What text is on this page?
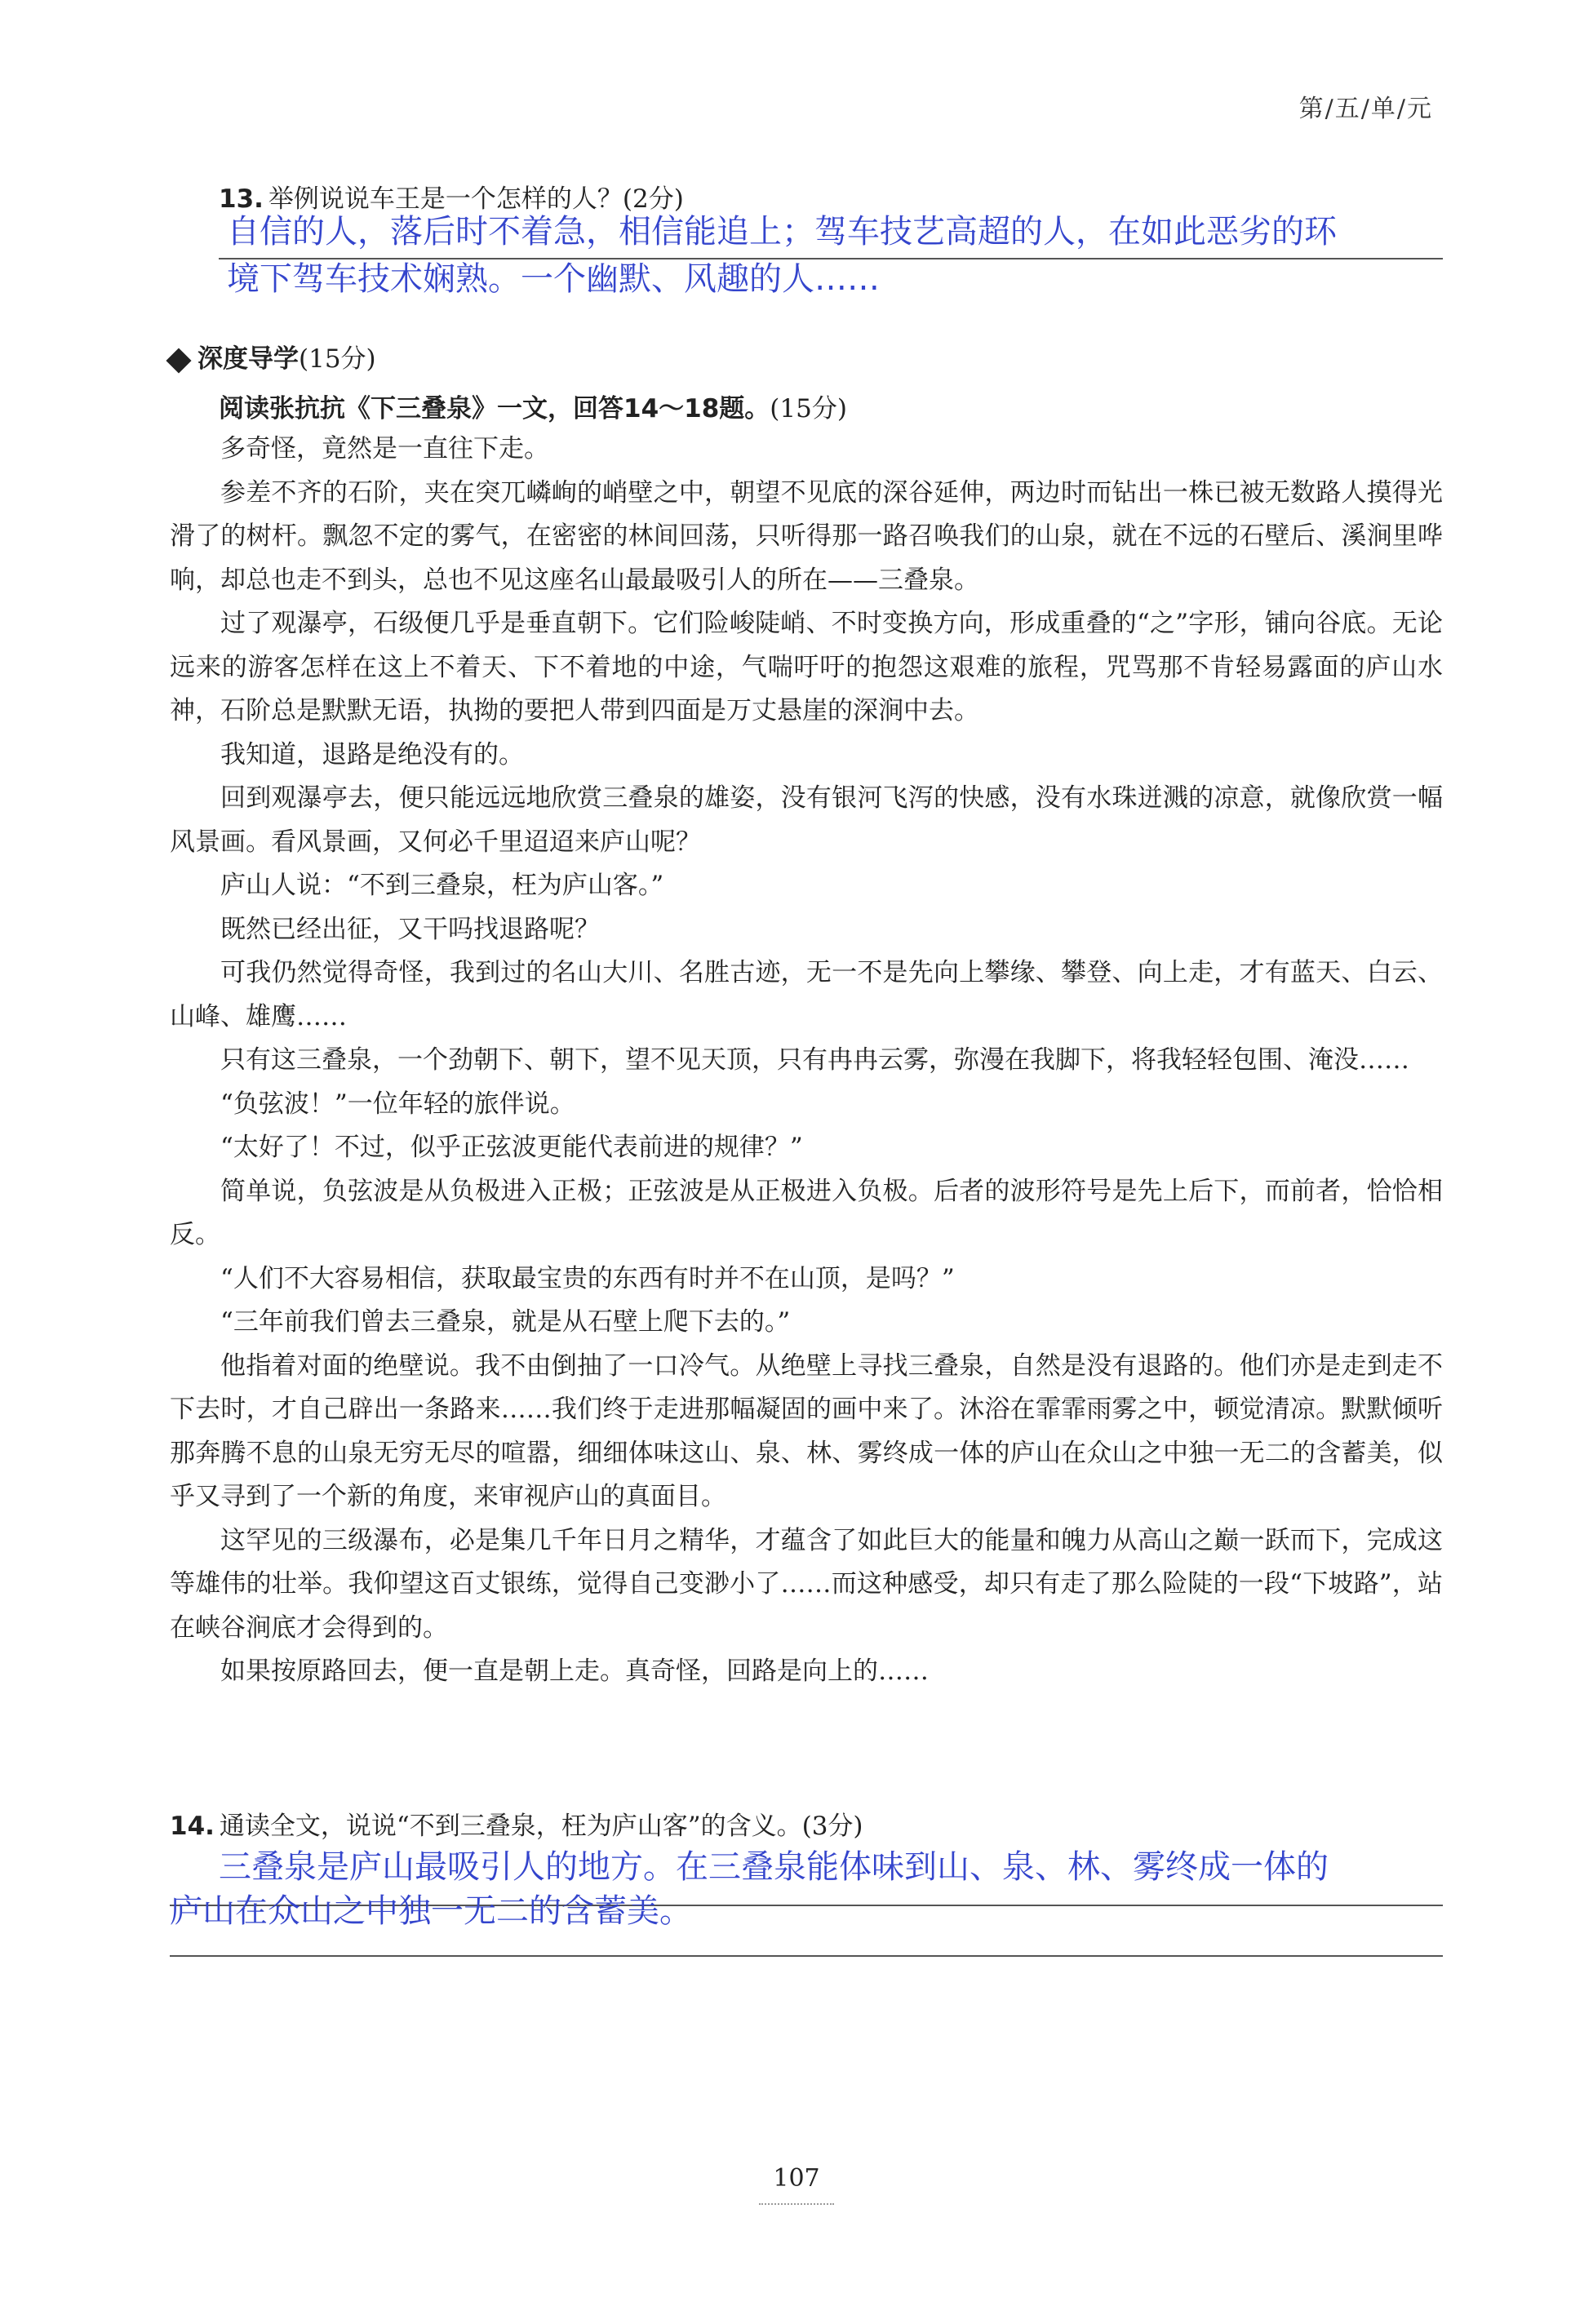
第/五/单/元
13. 举例说说车王是一个怎样的人？(2分)
自信的人，落后时不着急，相信能追上；驾车技艺高超的人，在如此恶劣的环
境下驾车技术娴熟。一个幽默、风趣的人……
深度导学(15分)
阅读张抗抗《下三叠泉》一文，回答14～18题。(15分)

多奇怪，竟然是一直往下走。

参差不齐的石阶，夹在突兀嶙峋的峭壁之中，朝望不见底的深谷延伸，两边时而钻出一株已被无数路人摸得光滑了的树杆。飘忽不定的雾气，在密密的林间回荡，只听得那一路召唤我们的山泉，就在不远的石壁后、溪涧里哗响，却总也走不到头，总也不见这座名山最最吸引人的所在——三叠泉。

过了观瀑亭，石级便几乎是垂直朝下。它们险峻陡峭、不时变换方向，形成重叠的“之”字形，铺向谷底。无论远来的游客怎样在这上不着天、下不着地的中途，气喘吁吁的抱怨这艰难的旅程，咒骂那不肯轻易露面的庐山水神，石阶总是默默无语，执拗的要把人带到四面是万丈悬崖的深涧中去。

我知道，退路是绝没有的。

回到观瀑亭去，便只能远远地欣赏三叠泉的雄姿，没有银河飞泻的快感，没有水珠迸溅的凉意，就像欣赏一幅风景画。看风景画，又何必千里迢迢来庐山呢？

庐山人说：“不到三叠泉，枉为庐山客。”

既然已经出征，又干吗找退路呢？

可我仍然觉得奇怪，我到过的名山大川、名胜古迹，无一不是先向上攀缘、攀登、向上走，才有蓝天、白云、山峰、雄鹰……

只有这三叠泉，一个劲朝下、朝下，望不见天顶，只有冉冉云雾，弥漫在我脚下，将我轻轻包围、淹没……

“负弦波！”一位年轻的旅伴说。

“太好了！不过，似乎正弦波更能代表前进的规律？”

简单说，负弦波是从负极进入正极；正弦波是从正极进入负极。后者的波形符号是先上后下，而前者，恰恰相反。

“人们不大容易相信，获取最宝贵的东西有时并不在山顶，是吗？”

“三年前我们曾去三叠泉，就是从石壁上爬下去的。”

他指着对面的绝壁说。我不由倒抽了一口冷气。从绝壁上寻找三叠泉，自然是没有退路的。他们亦是走到走不下去时，才自己辟出一条路来……我们终于走进那幅凝固的画中来了。沐浴在霏霏雨雾之中，顿觉清凉。默默倾听那奔腾不息的山泉无穷无尽的喧嚣，细细体味这山、泉、林、雾终成一体的庐山在众山之中独一无二的含蓄美，似乎又寻到了一个新的角度，来审视庐山的真面目。

这罕见的三级瀑布，必是集几千年日月之精华，才蕴含了如此巨大的能量和魄力从高山之巅一跃而下，完成这等雄伟的壮举。我仰望这百丈银练，觉得自己变渺小了……而这种感受，却只有走了那么险陡的一段“下坡路”，站在峡谷涧底才会得到的。

如果按原路回去，便一直是朝上走。真奇怪，回路是向上的……

14. 通读全文，说说“不到三叠泉，枉为庐山客”的含义。(3分)
三叠泉是庐山最吸引人的地方。在三叠泉能体味到山、泉、林、雾终成一体的
庐山在众山之中独一无二的含蓄美。
107
